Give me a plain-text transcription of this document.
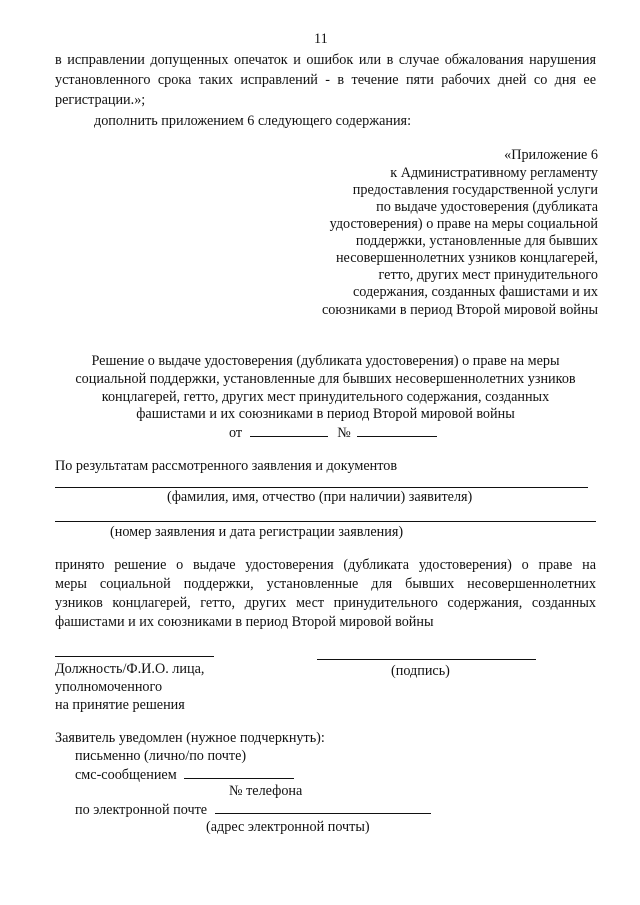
11
в исправлении допущенных опечаток и ошибок или в случае обжалования нарушения
установленного срока таких исправлений - в течение пяти рабочих дней со дня ее
регистрации.»;
дополнить приложением 6 следующего содержания:
«Приложение 6
к Административному регламенту
предоставления государственной услуги
по выдаче удостоверения (дубликата
удостоверения) о праве на меры социальной
поддержки, установленные для бывших
несовершеннолетних узников концлагерей,
гетто, других мест принудительного
содержания, созданных фашистами и их
союзниками в период Второй мировой войны
Решение о выдаче удостоверения (дубликата удостоверения) о праве на меры
социальной поддержки, установленные для бывших несовершеннолетних узников
концлагерей, гетто, других мест принудительного содержания, созданных
фашистами и их союзниками в период Второй мировой войны
от	№
По результатам рассмотренного заявления и документов
(фамилия, имя, отчество (при наличии) заявителя)
(номер заявления и дата регистрации заявления)
принято решение о выдаче удостоверения (дубликата удостоверения) о праве на
меры социальной поддержки, установленные для бывших несовершеннолетних
узников концлагерей, гетто, других мест принудительного содержания, созданных
фашистами и их союзниками в период Второй мировой войны
Должность/Ф.И.О. лица,	(подпись)
уполномоченного
на принятие решения
Заявитель уведомлен (нужное подчеркнуть):
письменно (лично/по почте)
смс-сообщением
№ телефона
по электронной почте
(адрес электронной почты)
